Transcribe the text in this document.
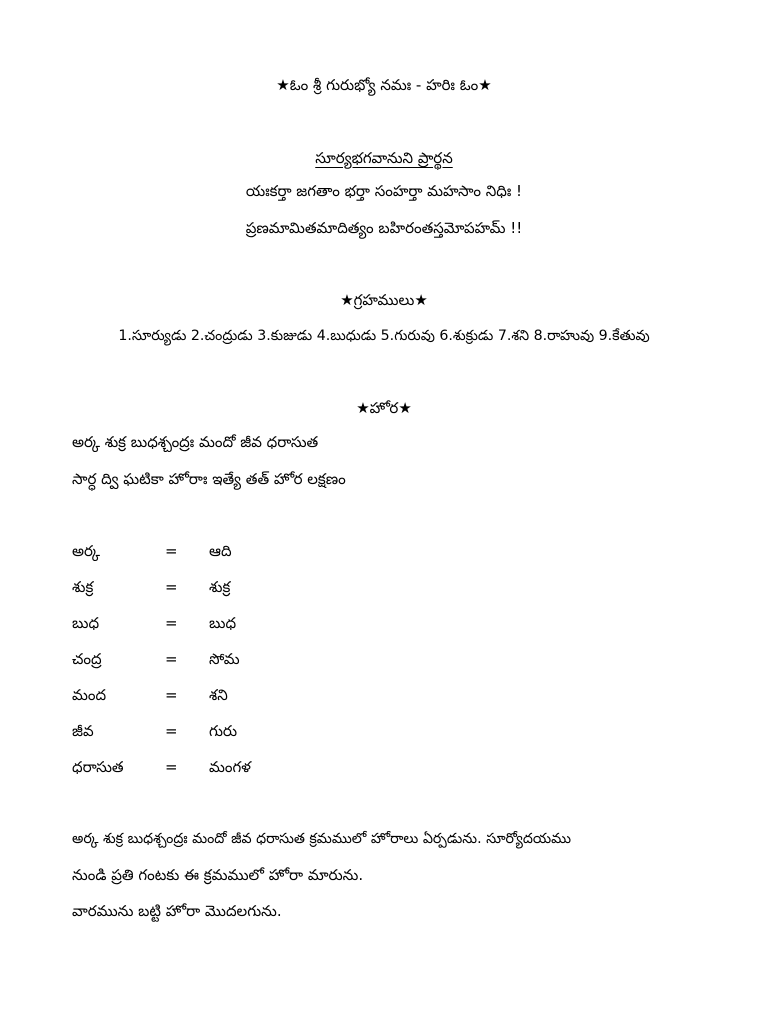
★ఓం శ్రీ గురుభ్యో నమః - హరిః ఓం★
సూర్యభగవానుని ప్రార్థన
యఃకర్తా జగతాం భర్తా సంహర్తా మహసాం నిధిః !
ప్రణమామితమాదిత్యం బహిరంతస్తమోపహమ్ !!
★గ్రహములు★
1.సూర్యుడు 2.చంద్రుడు 3.కుజుడు 4.బుధుడు 5.గురువు 6.శుక్రుడు 7.శని 8.రాహువు 9.కేతువు
★హోర★
అర్క శుక్ర బుధశ్చంద్రః మందో జీవ ధరాసుత
సార్ధ ద్వి ఘటికా హోరాః ఇత్యే తత్ హోర లక్షణం
అర్క	= ఆది
శుక్ర	= శుక్ర
బుధ	= బుధ
చంద్ర	= సోమ
మంద	= శని
జీవ	= గురు
ధరాసుత	= మంగళ
అర్క శుక్ర బుధశ్చంద్రః మందో జీవ ధరాసుత క్రమములో హోరాలు ఏర్పడును. సూర్యోదయము
నుండి ప్రతి గంటకు ఈ క్రమములో హోరా మారును.
వారమును బట్టి హోరా మొదలగును.
